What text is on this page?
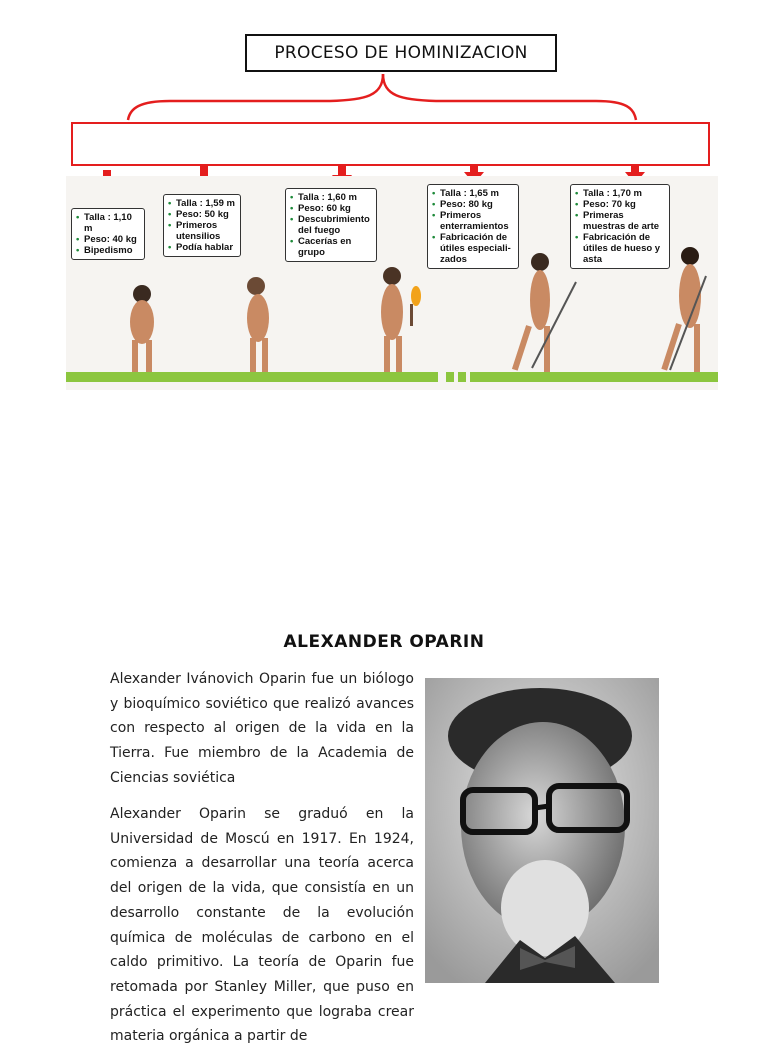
PROCESO DE HOMINIZACION
• Talla : 1,10 m
• Peso: 40 kg
• Bipedismo
• Talla : 1,59 m
• Peso: 50 kg
• Primeros utensilios
• Podía hablar
• Talla : 1,60 m
• Peso: 60 kg
• Descubrimiento del fuego
• Cacerías en grupo
• Talla : 1,65 m
• Peso: 80 kg
• Primeros enterramientos
• Fabricación de útiles especiali-zados
• Talla : 1,70 m
• Peso: 70 kg
• Primeras muestras de arte
• Fabricación de útiles de hueso y asta
ALEXANDER OPARIN

Alexander Ivánovich Oparin fue un biólogo y bioquímico soviético que realizó avances con respecto al origen de la vida en la Tierra. Fue miembro de la Academia de Ciencias soviética

Alexander Oparin se graduó en la Universidad de Moscú en 1917. En 1924, comienza a desarrollar una teoría acerca del origen de la vida, que consistía en un desarrollo constante de la evolución química de moléculas de carbono en el caldo primitivo. La teoría de Oparin fue retomada por Stanley Miller, que puso en práctica el experimento que lograba crear materia orgánica a partir de
